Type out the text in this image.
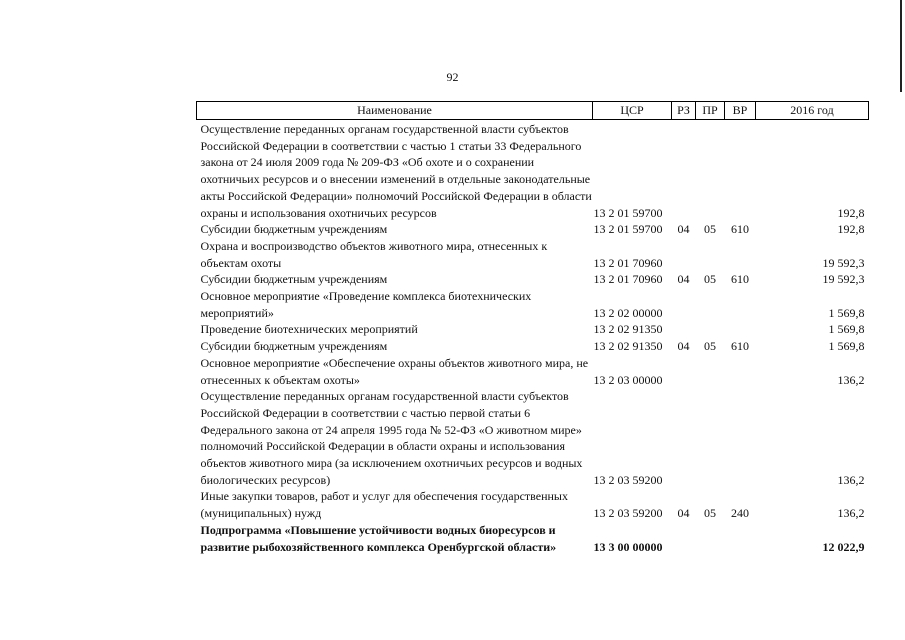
92
Наименование	ЦСР	РЗ	ПР	ВР	2016 год
Осуществление переданных органам государственной власти субъектов Российской Федерации в соответствии с частью 1 статьи 33 Федерального закона от 24 июля 2009 года № 209-ФЗ «Об охоте и о сохранении охотничьих ресурсов и о внесении изменений в отдельные законодательные акты Российской Федерации» полномочий Российской Федерации в области охраны и использования охотничьих ресурсов	13 2 01 59700				192,8
Субсидии бюджетным учреждениям	13 2 01 59700	04	05	610	192,8
Охрана и воспроизводство объектов животного мира, отнесенных к объектам охоты	13 2 01 70960				19 592,3
Субсидии бюджетным учреждениям	13 2 01 70960	04	05	610	19 592,3
Основное мероприятие «Проведение комплекса биотехнических мероприятий»	13 2 02 00000				1 569,8
Проведение биотехнических мероприятий	13 2 02 91350				1 569,8
Субсидии бюджетным учреждениям	13 2 02 91350	04	05	610	1 569,8
Основное мероприятие «Обеспечение охраны объектов животного мира, не отнесенных к объектам охоты»	13 2 03 00000				136,2
Осуществление переданных органам государственной власти субъектов Российской Федерации в соответствии с частью первой статьи 6 Федерального закона от 24 апреля 1995 года № 52-ФЗ «О животном мире» полномочий Российской Федерации в области охраны и использования объектов животного мира (за исключением охотничьих ресурсов и водных биологических ресурсов)	13 2 03 59200				136,2
Иные закупки товаров, работ и услуг для обеспечения государственных (муниципальных) нужд	13 2 03 59200	04	05	240	136,2
Подпрограмма «Повышение устойчивости водных биоресурсов и развитие рыбохозяйственного комплекса Оренбургской области»	13 3 00 00000				12 022,9
